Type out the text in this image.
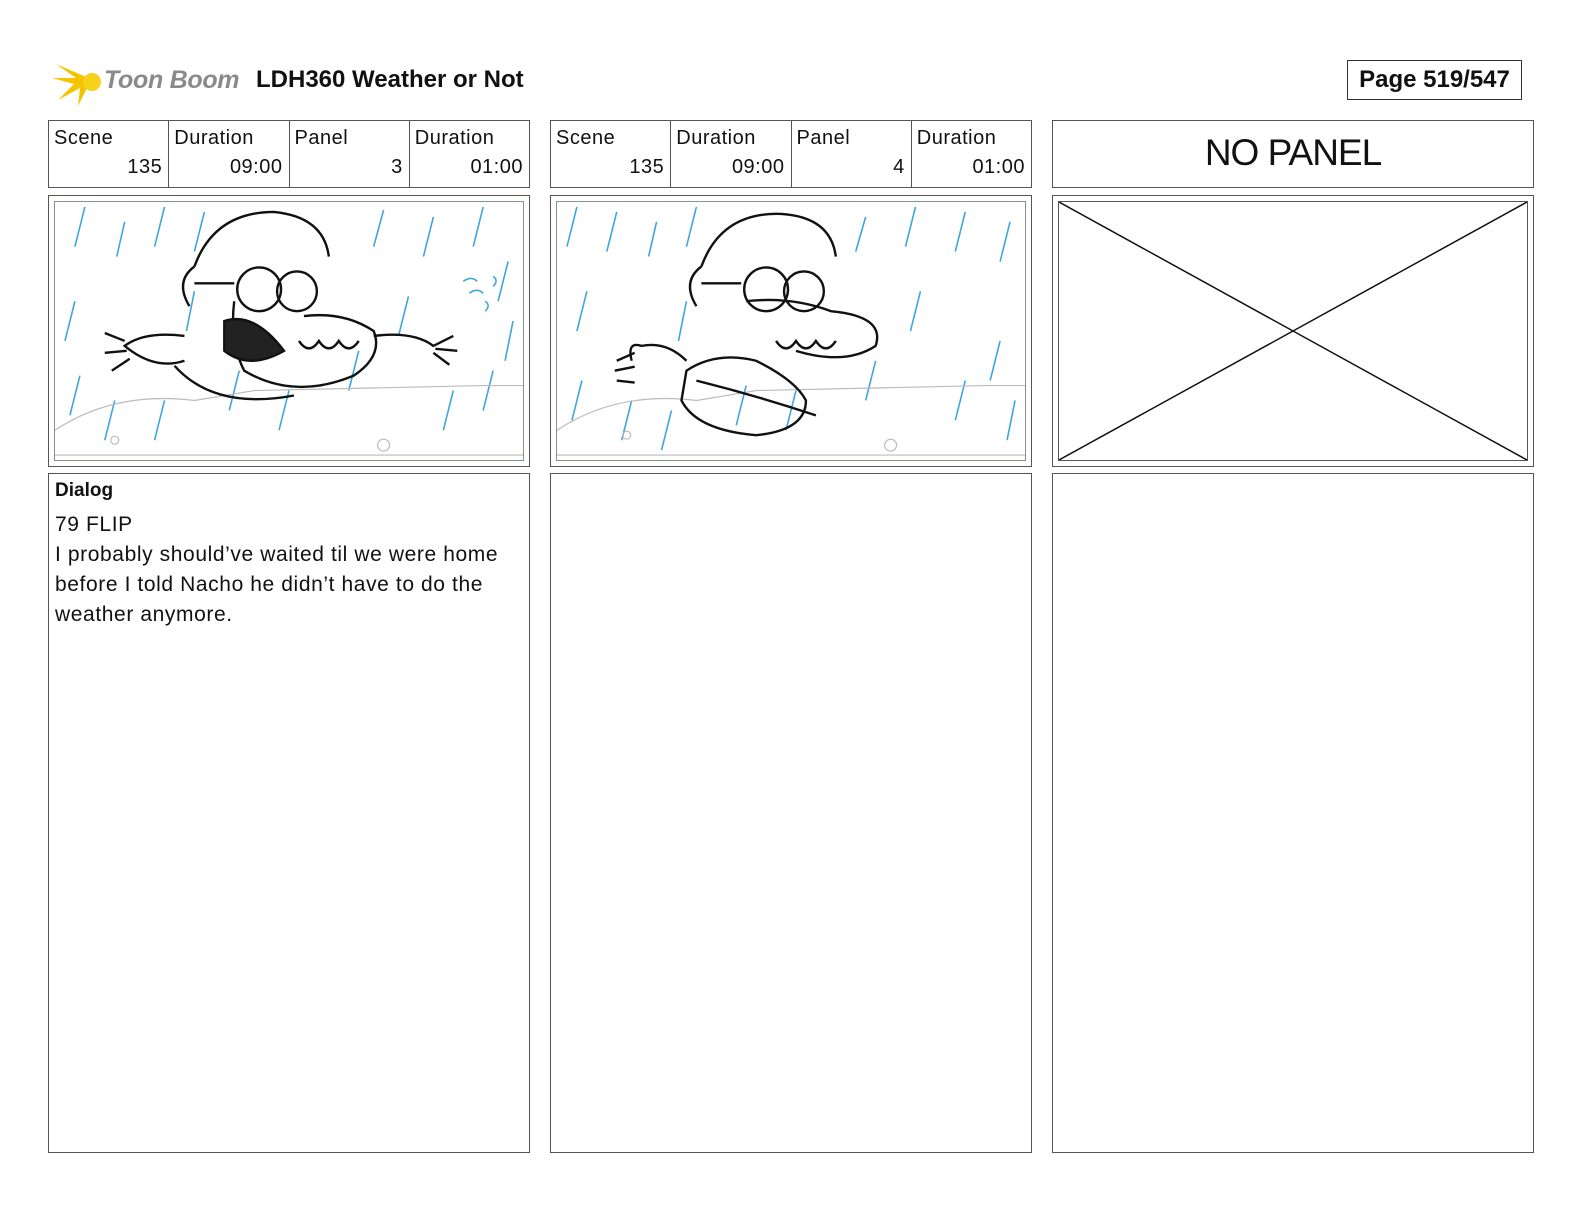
Toon Boom LDH360 Weather or Not	Page 519/547
Scene
135
Duration
09:00
Panel
3
Duration
01:00
Scene
135
Duration
09:00
Panel
4
Duration
01:00	NO PANEL
Dialog
79 FLIP
I probably should’ve waited til we were home before I told Nacho he didn’t have to do the weather anymore.
